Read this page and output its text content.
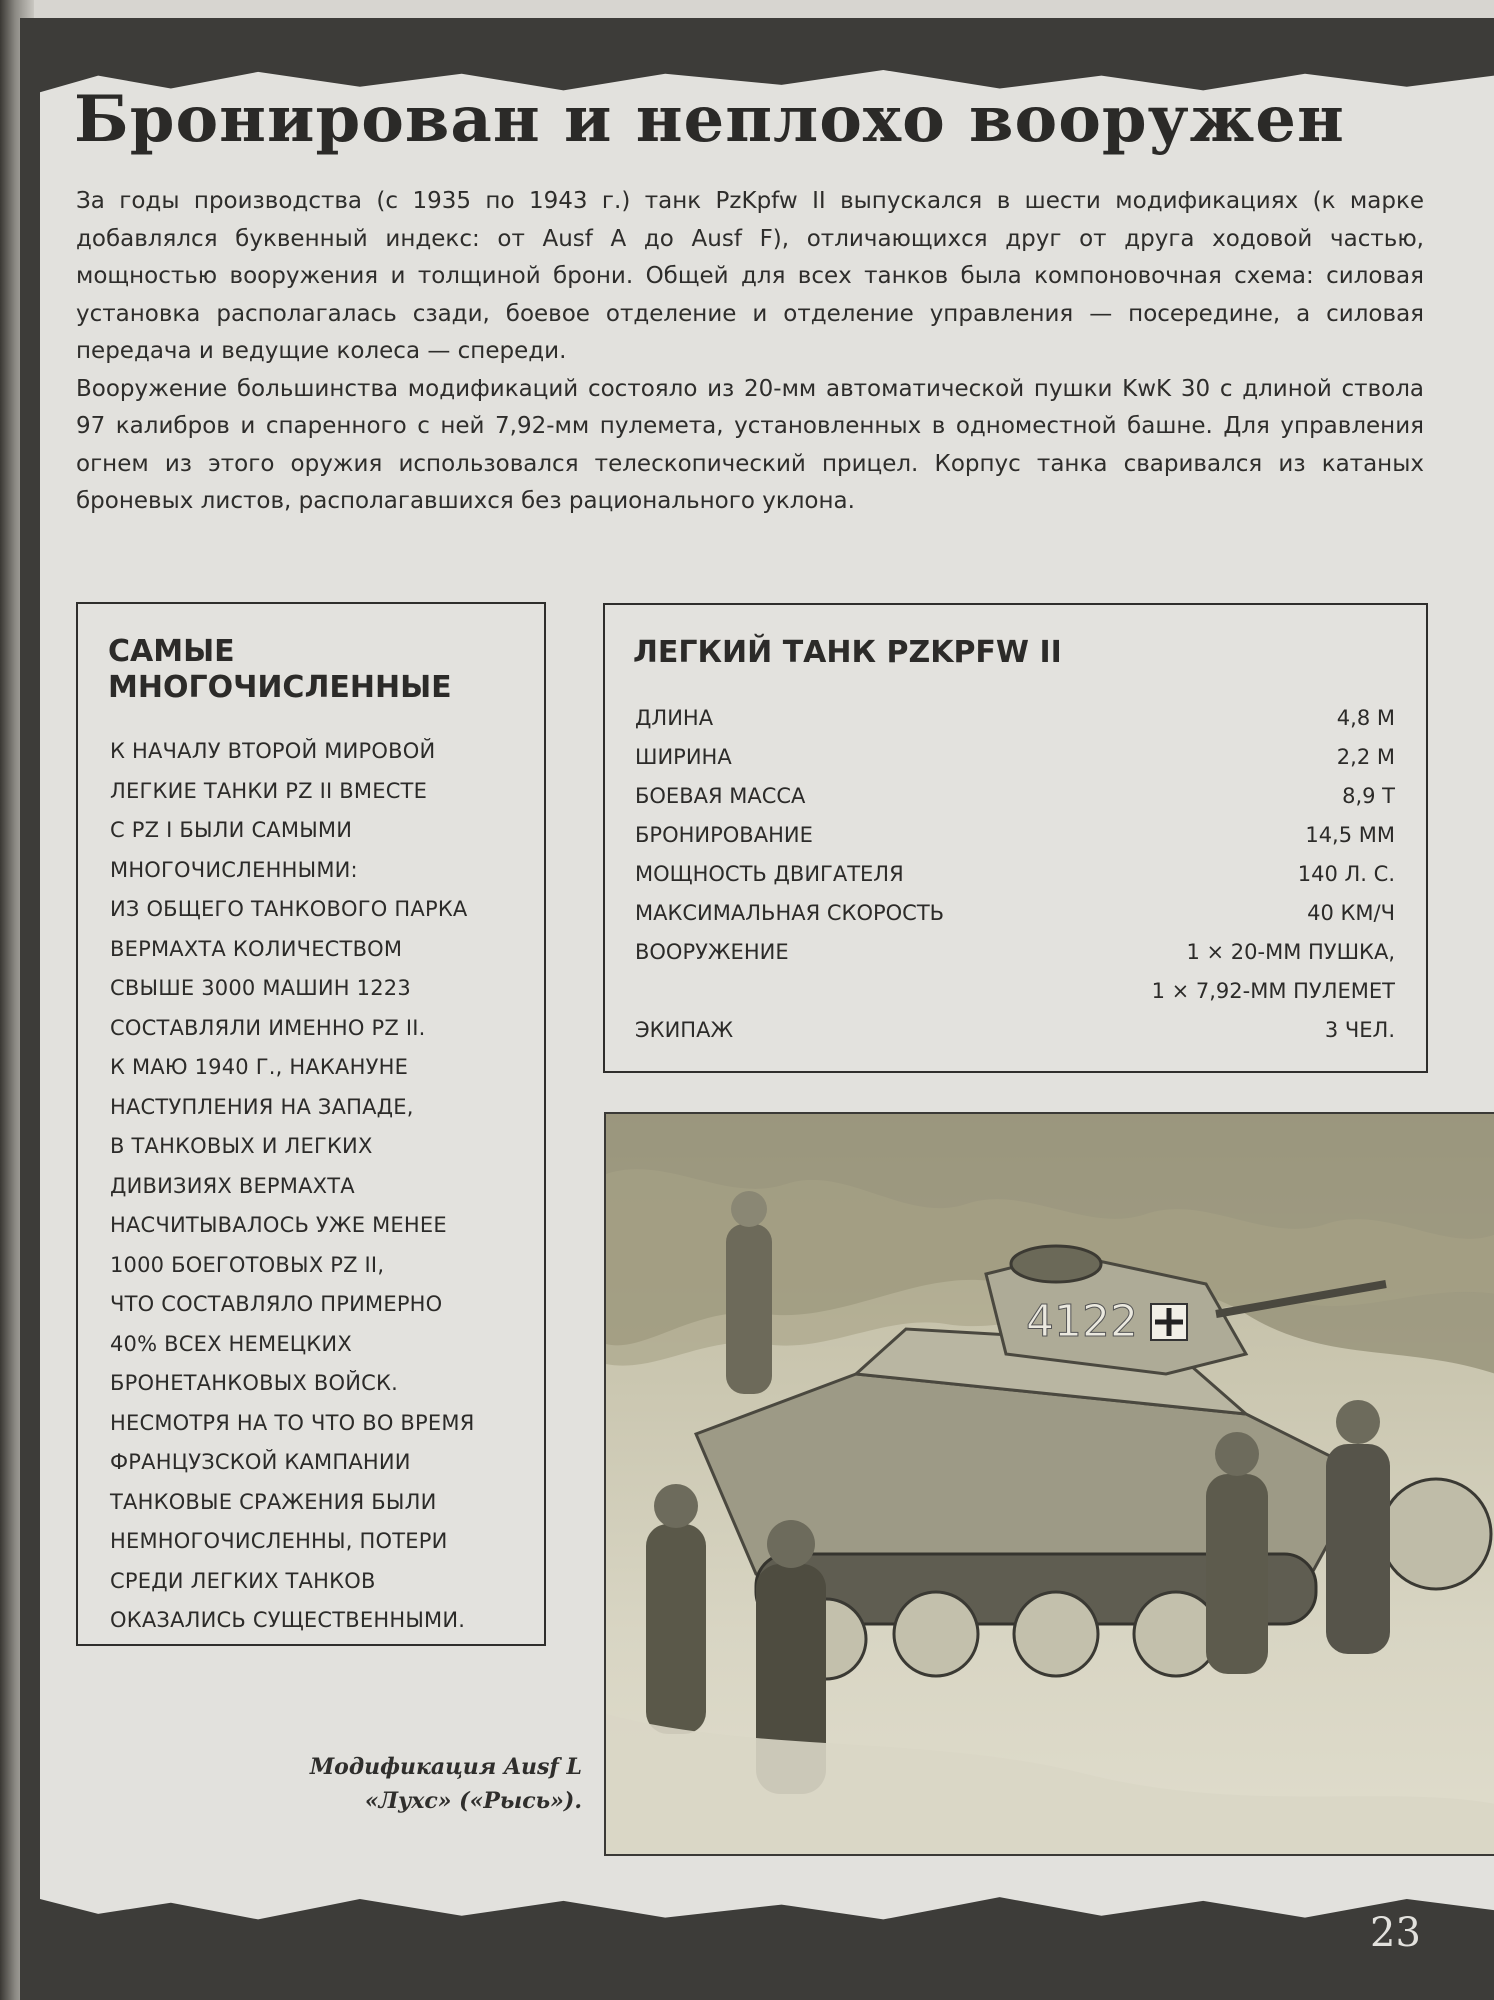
Бронирован и неплохо вооружен

За годы производства (с 1935 по 1943 г.) танк PzKpfw II выпускался в шести модификациях (к марке добавлялся буквенный индекс: от Ausf A до Ausf F), отличающихся друг от друга ходовой частью, мощностью вооружения и толщиной брони. Общей для всех танков была компоновочная схема: силовая установка располагалась сзади, боевое отделение и отделение управления — посередине, а силовая передача и ведущие колеса — спереди.

Вооружение большинства модификаций состояло из 20-мм автоматической пушки KwK 30 с длиной ствола 97 калибров и спаренного с ней 7,92-мм пулемета, установленных в одноместной башне. Для управления огнем из этого оружия использовался телескопический прицел. Корпус танка сваривался из катаных броневых листов, располагавшихся без рационального уклона.

САМЫЕ МНОГОЧИСЛЕННЫЕ
К НАЧАЛУ ВТОРОЙ МИРОВОЙ
ЛЕГКИЕ ТАНКИ PZ II ВМЕСТЕ
С PZ I БЫЛИ САМЫМИ
МНОГОЧИСЛЕННЫМИ:
ИЗ ОБЩЕГО ТАНКОВОГО ПАРКА
ВЕРМАХТА КОЛИЧЕСТВОМ
СВЫШЕ 3000 МАШИН 1223
СОСТАВЛЯЛИ ИМЕННО PZ II.
К МАЮ 1940 Г., НАКАНУНЕ
НАСТУПЛЕНИЯ НА ЗАПАДЕ,
В ТАНКОВЫХ И ЛЕГКИХ
ДИВИЗИЯХ ВЕРМАХТА
НАСЧИТЫВАЛОСЬ УЖЕ МЕНЕЕ
1000 БОЕГОТОВЫХ PZ II,
ЧТО СОСТАВЛЯЛО ПРИМЕРНО
40% ВСЕХ НЕМЕЦКИХ
БРОНЕТАНКОВЫХ ВОЙСК.
НЕСМОТРЯ НА ТО ЧТО ВО ВРЕМЯ
ФРАНЦУЗСКОЙ КАМПАНИИ
ТАНКОВЫЕ СРАЖЕНИЯ БЫЛИ
НЕМНОГОЧИСЛЕННЫ, ПОТЕРИ
СРЕДИ ЛЕГКИХ ТАНКОВ
ОКАЗАЛИСЬ СУЩЕСТВЕННЫМИ.
ЛЕГКИЙ ТАНК PZKPFW II
ДЛИНА	4,8 М
ШИРИНА	2,2 М
БОЕВАЯ МАССА	8,9 Т
БРОНИРОВАНИЕ	14,5 ММ
МОЩНОСТЬ ДВИГАТЕЛЯ	140 Л. С.
МАКСИМАЛЬНАЯ СКОРОСТЬ	40 КМ/Ч
ВООРУЖЕНИЕ	1 × 20-ММ ПУШКА,
	1 × 7,92-ММ ПУЛЕМЕТ
ЭКИПАЖ	3 ЧЕЛ.
4122

Модификация Ausf L
«Лухс» («Рысь»).

23
